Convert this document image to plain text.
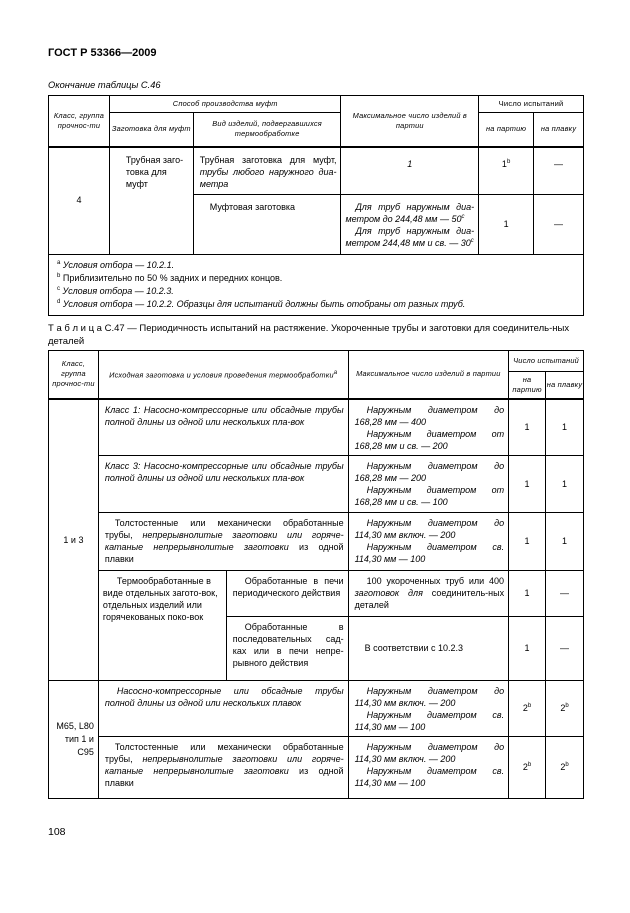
ГОСТ Р 53366—2009
Окончание таблицы С.46
Класс, группа прочнос-ти	Способ производства муфт		Максимальное число изделий в партии	Число испытаний	
	Заготовка для муфт	Вид изделий, подвергавшихся термообработке		на партию	на плавку
4	Трубная заго-товка для муфт	Трубная заготовка для муфт, трубы любого наружного диа-метра	1	1$^b$	—
		Муфтовая заготовка	Для труб наружным диа-метром до 244,48 мм — 50$^c$
Для труб наружным диа-метром 244,48 мм и св. — 30$^c$	1	—

$^a$ Условия отбора — 10.2.1.
$^b$ Приблизительно по 50 % задних и передних концов.
$^c$ Условия отбора — 10.2.3.
$^d$ Условия отбора — 10.2.2. Образцы для испытаний должны быть отобраны от разных труб.					
Т а б л и ц а С.47 — Периодичность испытаний на растяжение. Укороченные трубы и заготовки для соединитель-ных деталей
Класс, группа прочнос-ти	Исходная заготовка и условия проведения термообработки$^a$		Максимальное число изделий в партии	Число испытаний	
				на партию	на плавку
1 и 3	Класс 1: Насосно-компрессорные или обсадные трубы полной длины из одной или нескольких пла-вок		Наружным диаметром до 168,28 мм — 400
Наружным диаметром от 168,28 мм и св. — 200	1	1
	Класс 3: Насосно-компрессорные или обсадные трубы полной длины из одной или нескольких пла-вок		Наружным диаметром до 168,28 мм — 200
Наружным диаметром от 168,28 мм и св. — 100	1	1
	Толстостенные или механически обработанные трубы, непрерывнолитые заготовки или горяче-катаные непрерывнолитые заготовки из одной плавки		Наружным диаметром до 114,30 мм включ. — 200
Наружным диаметром св. 114,30 мм — 100	1	1
	Термообработанные в виде отдельных загото-вок, отдельных изделий или горячекованых поко-вок	Обработанные в печи периодического действия	100 укороченных труб или 400 заготовок для соединитель-ных деталей	1	—
		Обработанные в последовательных сад-ках или в печи непре-рывного действия	В соответствии с 10.2.3	1	—
M65, L80 тип 1 и C95	Насосно-компрессорные или обсадные трубы полной длины из одной или нескольких плавок		Наружным диаметром до 114,30 мм включ. — 200
Наружным диаметром св. 114,30 мм — 100	2$^b$	2$^b$
	Толстостенные или механически обработанные трубы, непрерывнолитые заготовки или горяче-катаные непрерывнолитые заготовки из одной плавки		Наружным диаметром до 114,30 мм включ. — 200
Наружным диаметром св. 114,30 мм — 100	2$^b$	2$^b$
108
